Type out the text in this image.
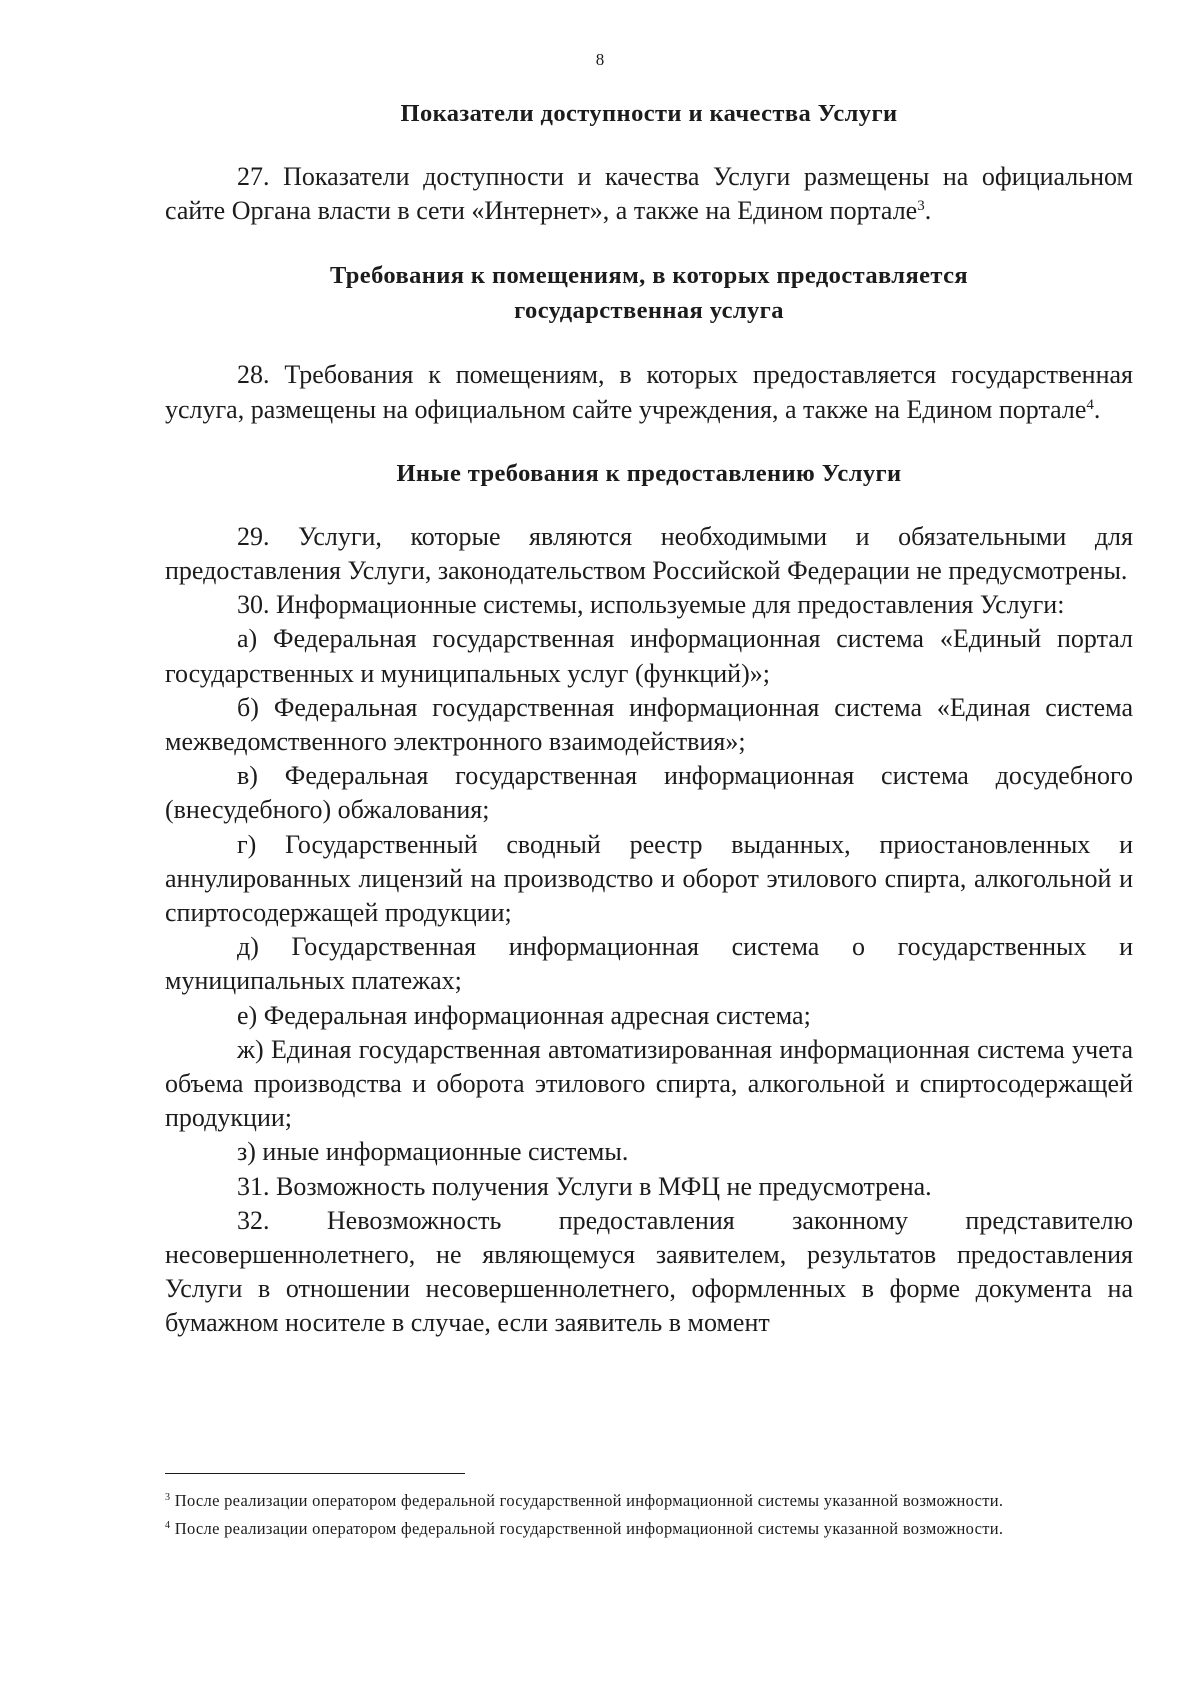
8
Показатели доступности и качества Услуги

27. Показатели доступности и качества Услуги размещены на официальном сайте Органа власти в сети «Интернет», а также на Едином портале$^3$.

Требования к помещениям, в которых предоставляется
государственная услуга

28. Требования к помещениям, в которых предоставляется государственная услуга, размещены на официальном сайте учреждения, а также на Едином портале$^4$.

Иные требования к предоставлению Услуги

29. Услуги, которые являются необходимыми и обязательными для предоставления Услуги, законодательством Российской Федерации не предусмотрены.

30. Информационные системы, используемые для предоставления Услуги:

а) Федеральная государственная информационная система «Единый портал государственных и муниципальных услуг (функций)»;

б) Федеральная государственная информационная система «Единая система межведомственного электронного взаимодействия»;

в) Федеральная государственная информационная система досудебного (внесудебного) обжалования;

г) Государственный сводный реестр выданных, приостановленных и аннулированных лицензий на производство и оборот этилового спирта, алкогольной и спиртосодержащей продукции;

д) Государственная информационная система о государственных и муниципальных платежах;

е) Федеральная информационная адресная система;

ж) Единая государственная автоматизированная информационная система учета объема производства и оборота этилового спирта, алкогольной и спиртосодержащей продукции;

з) иные информационные системы.

31. Возможность получения Услуги в МФЦ не предусмотрена.

32. Невозможность предоставления законному представителю несовершеннолетнего, не являющемуся заявителем, результатов предоставления Услуги в отношении несовершеннолетнего, оформленных в форме документа на бумажном носителе в случае, если заявитель в момент

$^3$ После реализации оператором федеральной государственной информационной системы указанной возможности.

$^4$ После реализации оператором федеральной государственной информационной системы указанной возможности.
